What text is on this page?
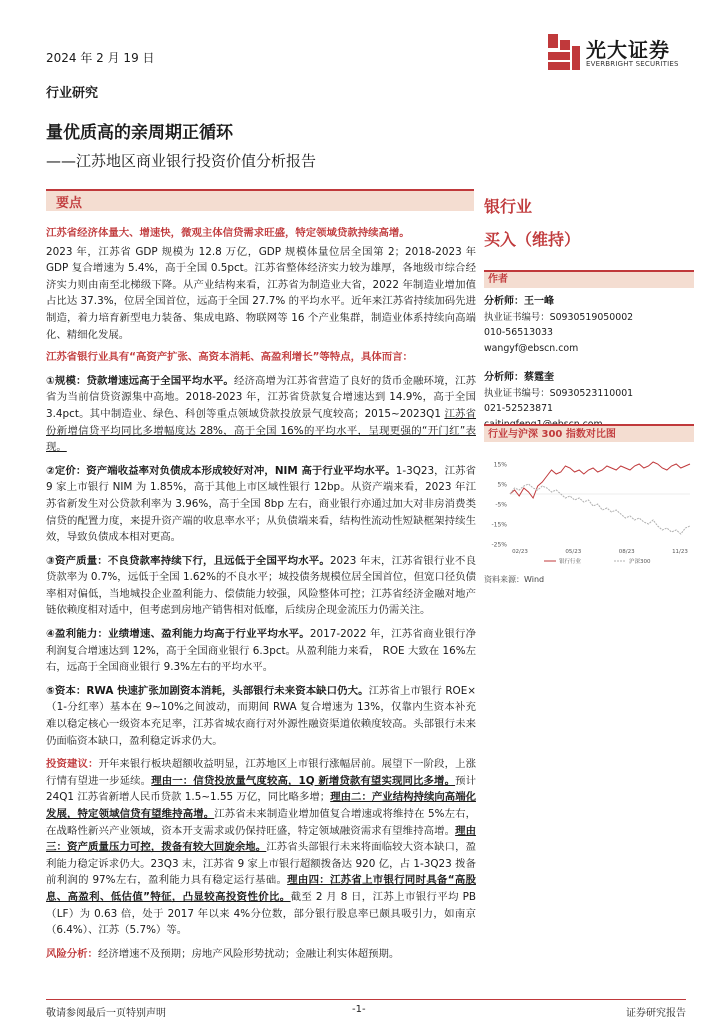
2024 年 2 月 19 日	光大证券
EVERBRIGHT SECURITIES
行业研究
量优质高的亲周期正循环
——江苏地区商业银行投资价值分析报告
要点
江苏省经济体量大、增速快，微观主体信贷需求旺盛，特定领域贷款持续高增。

2023 年，江苏省 GDP 规模为 12.8 万亿，GDP 规模体量位居全国第 2；2018-2023 年 GDP 复合增速为 5.4%，高于全国 0.5pct。江苏省整体经济实力较为雄厚，各地级市综合经济实力则由南至北梯级下降。从产业结构来看，江苏省为制造业大省，2022 年制造业增加值占比达 37.3%，位居全国首位，远高于全国 27.7% 的平均水平。近年来江苏省持续加码先进制造，着力培育新型电力装备、集成电路、物联网等 16 个产业集群，制造业体系持续向高端化、精细化发展。

江苏省银行业具有“高资产扩张、高资本消耗、高盈利增长”等特点，具体而言：

①规模：贷款增速远高于全国平均水平。经济高增为江苏省营造了良好的货币金融环境，江苏省为当前信贷资源集中高地。2018-2023 年，江苏省贷款复合增速达到 14.9%，高于全国 3.4pct。其中制造业、绿色、科创等重点领域贷款投放景气度较高；2015~2023Q1 江苏省份新增信贷平均同比多增幅度达 28%，高于全国 16%的平均水平，呈现更强的“开门红”表现。

②定价：资产端收益率对负债成本形成较好对冲，NIM 高于行业平均水平。1-3Q23，江苏省 9 家上市银行 NIM 为 1.85%，高于其他上市区域性银行 12bp。从资产端来看，2023 年江苏省新发生对公贷款利率为 3.96%，高于全国 8bp 左右，商业银行亦通过加大对非房消费类信贷的配置力度，来提升资产端的收息率水平；从负债端来看，结构性流动性短缺框架持续生效，导致负债成本相对更高。

③资产质量：不良贷款率持续下行，且远低于全国平均水平。2023 年末，江苏省银行业不良贷款率为 0.7%，远低于全国 1.62%的不良水平；城投债务规模位居全国首位，但宽口径负债率相对偏低，当地城投企业盈利能力、偿债能力较强，风险整体可控；江苏省经济金融对地产链依赖度相对适中，但考虑到房地产销售相对低靡，后续房企现金流压力仍需关注。

④盈利能力：业绩增速、盈利能力均高于行业平均水平。2017-2022 年，江苏省商业银行净利润复合增速达到 12%，高于全国商业银行 6.3pct。从盈利能力来看， ROE 大致在 16%左右，远高于全国商业银行 9.3%左右的平均水平。

⑤资本：RWA 快速扩张加剧资本消耗，头部银行未来资本缺口仍大。江苏省上市银行 ROE×（1-分红率）基本在 9~10%之间波动，而期间 RWA 复合增速为 13%，仅靠内生资本补充难以稳定核心一级资本充足率，江苏省城农商行对外源性融资渠道依赖度较高。头部银行未来仍面临资本缺口，盈利稳定诉求仍大。

投资建议：开年来银行板块超额收益明显，江苏地区上市银行涨幅居前。展望下一阶段，上涨行情有望进一步延续。理由一：信贷投放量气度较高，1Q 新增贷款有望实现同比多增。预计 24Q1 江苏省新增人民币贷款 1.5~1.55 万亿，同比略多增；理由二：产业结构持续向高端化发展，特定领域信贷有望维持高增。江苏省未来制造业增加值复合增速或将维持在 5%左右，在战略性新兴产业领域，资本开支需求或仍保持旺盛，特定领域融资需求有望维持高增。理由三：资产质量压力可控，拨备有较大回旋余地。江苏省头部银行未来将面临较大资本缺口，盈利能力稳定诉求仍大。23Q3 末，江苏省 9 家上市银行超额拨备达 920 亿，占 1-3Q23 拨备前利润的 97%左右，盈利能力具有稳定运行基础。理由四：江苏省上市银行同时具备“高股息、高盈利、低估值”特征，凸显较高投资性价比。截至 2 月 8 日，江苏上市银行平均 PB（LF）为 0.63 倍，处于 2017 年以来 4%分位数，部分银行股息率已颇具吸引力，如南京（6.4%）、江苏（5.7%）等。

风险分析：经济增速不及预期；房地产风险形势扰动；金融让利实体超预期。

银行业
买入（维持）
作者
分析师：王一峰
执业证书编号：S0930519050002
010-56513033
wangyf@ebscn.com
分析师：蔡霆奎
执业证书编号：S0930523110001
021-52523871
行业与沪深 300 指数对比图
15%
5%
-5%
-15%
-25%
02/23	05/23	08/23	11/23
银行行业	沪深300
资料来源：Wind
敬请参阅最后一页特别声明	-1-	证券研究报告
